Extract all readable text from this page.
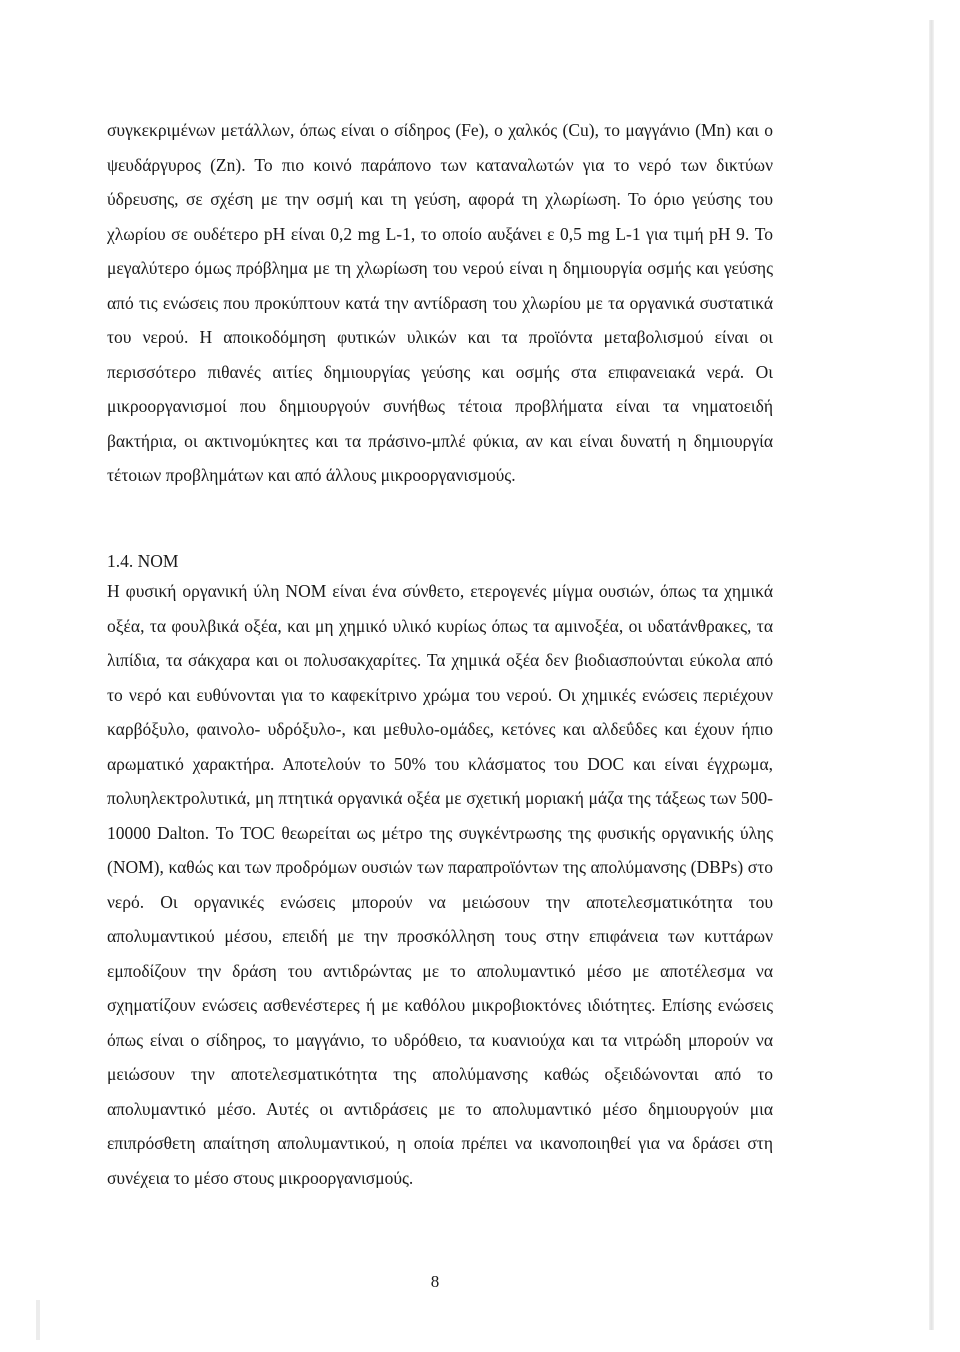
συγκεκριμένων μετάλλων, όπως είναι ο σίδηρος (Fe), ο χαλκός (Cu), το μαγγάνιο (Mn) και ο ψευδάργυρος (Zn). Το πιο κοινό παράπονο των καταναλωτών για το νερό των δικτύων ύδρευσης, σε σχέση με την οσμή και τη γεύση, αφορά τη χλωρίωση. Το όριο γεύσης του χλωρίου σε ουδέτερο pH είναι 0,2 mg L-1, το οποίο αυξάνει ε 0,5 mg L-1 για τιμή pH 9. Το μεγαλύτερο όμως πρόβλημα με τη χλωρίωση του νερού είναι η δημιουργία οσμής και γεύσης από τις ενώσεις που προκύπτουν κατά την αντίδραση του χλωρίου με τα οργανικά συστατικά του νερού. Η αποικοδόμηση φυτικών υλικών και τα προϊόντα μεταβολισμού είναι οι περισσότερο πιθανές αιτίες δημιουργίας γεύσης και οσμής στα επιφανειακά νερά. Οι μικροοργανισμοί που δημιουργούν συνήθως τέτοια προβλήματα είναι τα νηματοειδή βακτήρια, οι ακτινομύκητες και τα πράσινο-μπλέ φύκια, αν και είναι δυνατή η δημιουργία τέτοιων προβλημάτων και από άλλους μικροοργανισμούς.

1.4. NOM

Η φυσική οργανική ύλη NOM είναι ένα σύνθετο, ετερογενές μίγμα ουσιών, όπως τα χημικά οξέα, τα φουλβικά οξέα, και μη χημικό υλικό κυρίως όπως τα αμινοξέα, οι υδατάνθρακες, τα λιπίδια, τα σάκχαρα και οι πολυσακχαρίτες. Τα χημικά οξέα δεν βιοδιασπούνται εύκολα από το νερό και ευθύνονται για το καφεκίτρινο χρώμα του νερού. Οι χημικές ενώσεις περιέχουν καρβόξυλο, φαινολο- υδρόξυλο-, και μεθυλο-ομάδες, κετόνες και αλδεΰδες και έχουν ήπιο αρωματικό χαρακτήρα. Αποτελούν το 50% του κλάσματος του DOC και είναι έγχρωμα, πολυηλεκτρολυτικά, μη πτητικά οργανικά οξέα με σχετική μοριακή μάζα της τάξεως των 500-10000 Dalton. Το TOC θεωρείται ως μέτρο της συγκέντρωσης της φυσικής οργανικής ύλης (NOM), καθώς και των προδρόμων ουσιών των παραπροϊόντων της απολύμανσης (DBPs) στο νερό. Οι οργανικές ενώσεις μπορούν να μειώσουν την αποτελεσματικότητα του απολυμαντικού μέσου, επειδή με την προσκόλληση τους στην επιφάνεια των κυττάρων εμποδίζουν την δράση του αντιδρώντας με το απολυμαντικό μέσο με αποτέλεσμα να σχηματίζουν ενώσεις ασθενέστερες ή με καθόλου μικροβιοκτόνες ιδιότητες. Επίσης ενώσεις όπως είναι ο σίδηρος, το μαγγάνιο, το υδρόθειο, τα κυανιούχα και τα νιτρώδη μπορούν να μειώσουν την αποτελεσματικότητα της απολύμανσης καθώς οξειδώνονται από το απολυμαντικό μέσο. Αυτές οι αντιδράσεις με το απολυμαντικό μέσο δημιουργούν μια επιπρόσθετη απαίτηση απολυμαντικού, η οποία πρέπει να ικανοποιηθεί για να δράσει στη συνέχεια το μέσο στους μικροοργανισμούς.

8
